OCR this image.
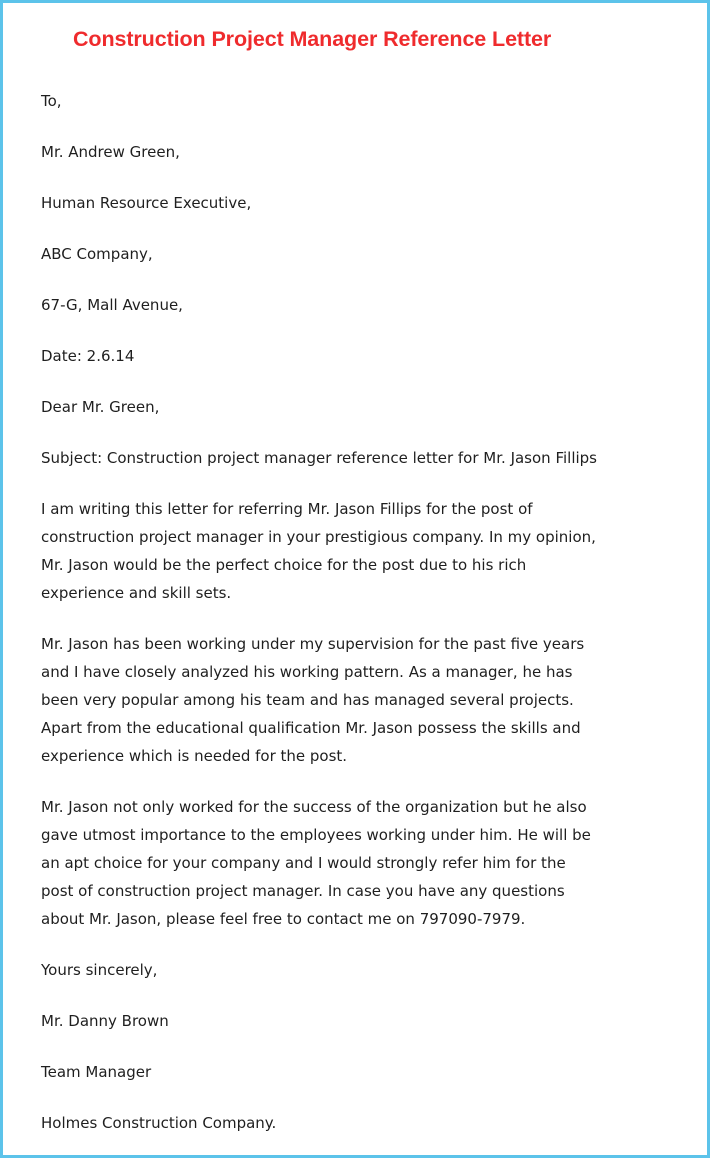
Construction Project Manager Reference Letter

To,

Mr. Andrew Green,

Human Resource Executive,

ABC Company,

67-G, Mall Avenue,

Date: 2.6.14

Dear Mr. Green,

Subject: Construction project manager reference letter for Mr. Jason Fillips

I am writing this letter for referring Mr. Jason Fillips for the post of
construction project manager in your prestigious company. In my opinion,
Mr. Jason would be the perfect choice for the post due to his rich
experience and skill sets.

Mr. Jason has been working under my supervision for the past five years
and I have closely analyzed his working pattern. As a manager, he has
been very popular among his team and has managed several projects.
Apart from the educational qualification Mr. Jason possess the skills and
experience which is needed for the post.

Mr. Jason not only worked for the success of the organization but he also
gave utmost importance to the employees working under him. He will be
an apt choice for your company and I would strongly refer him for the
post of construction project manager. In case you have any questions
about Mr. Jason, please feel free to contact me on 797090-7979.

Yours sincerely,

Mr. Danny Brown

Team Manager

Holmes Construction Company.
